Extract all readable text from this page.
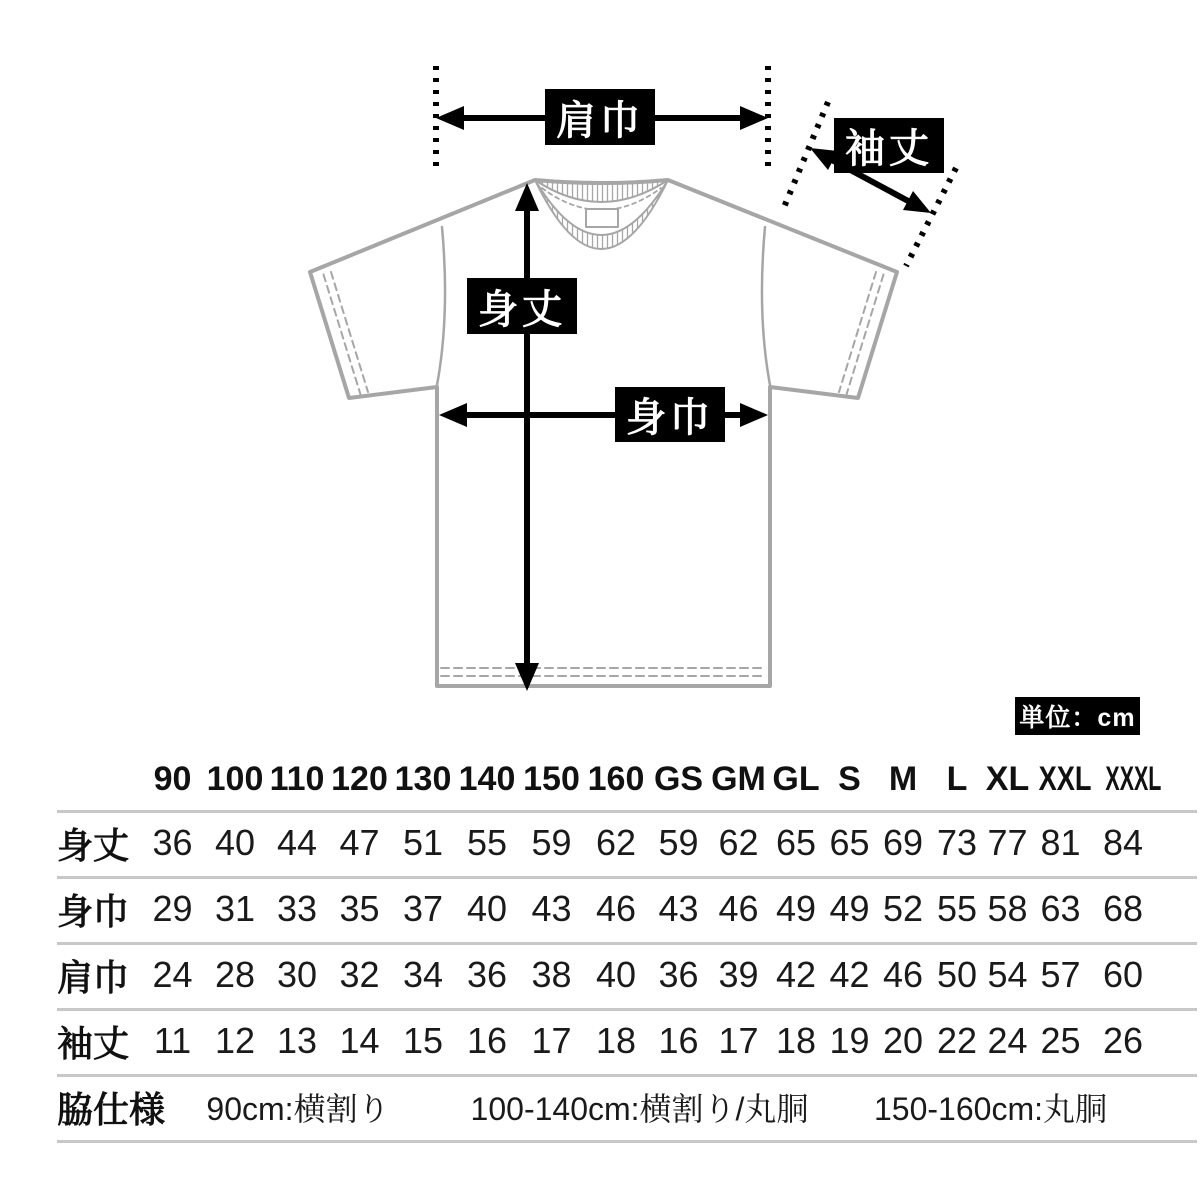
肩巾
袖丈
身丈
身巾
単位：cm
	90	100	110	120	130	140	150	160	GS	GM	GL	S	M	L	XL	XXL	XXXL
身丈	36	40	44	47	51	55	59	62	59	62	65	65	69	73	77	81	84
身巾	29	31	33	35	37	40	43	46	43	46	49	49	52	55	58	63	68
肩巾	24	28	30	32	34	36	38	40	36	39	42	42	46	50	54	57	60
袖丈	11	12	13	14	15	16	17	18	16	17	18	19	20	22	24	25	26
脇仕様	90cm:横割り					100-140cm:横割り/丸胴						150-160cm:丸胴					
